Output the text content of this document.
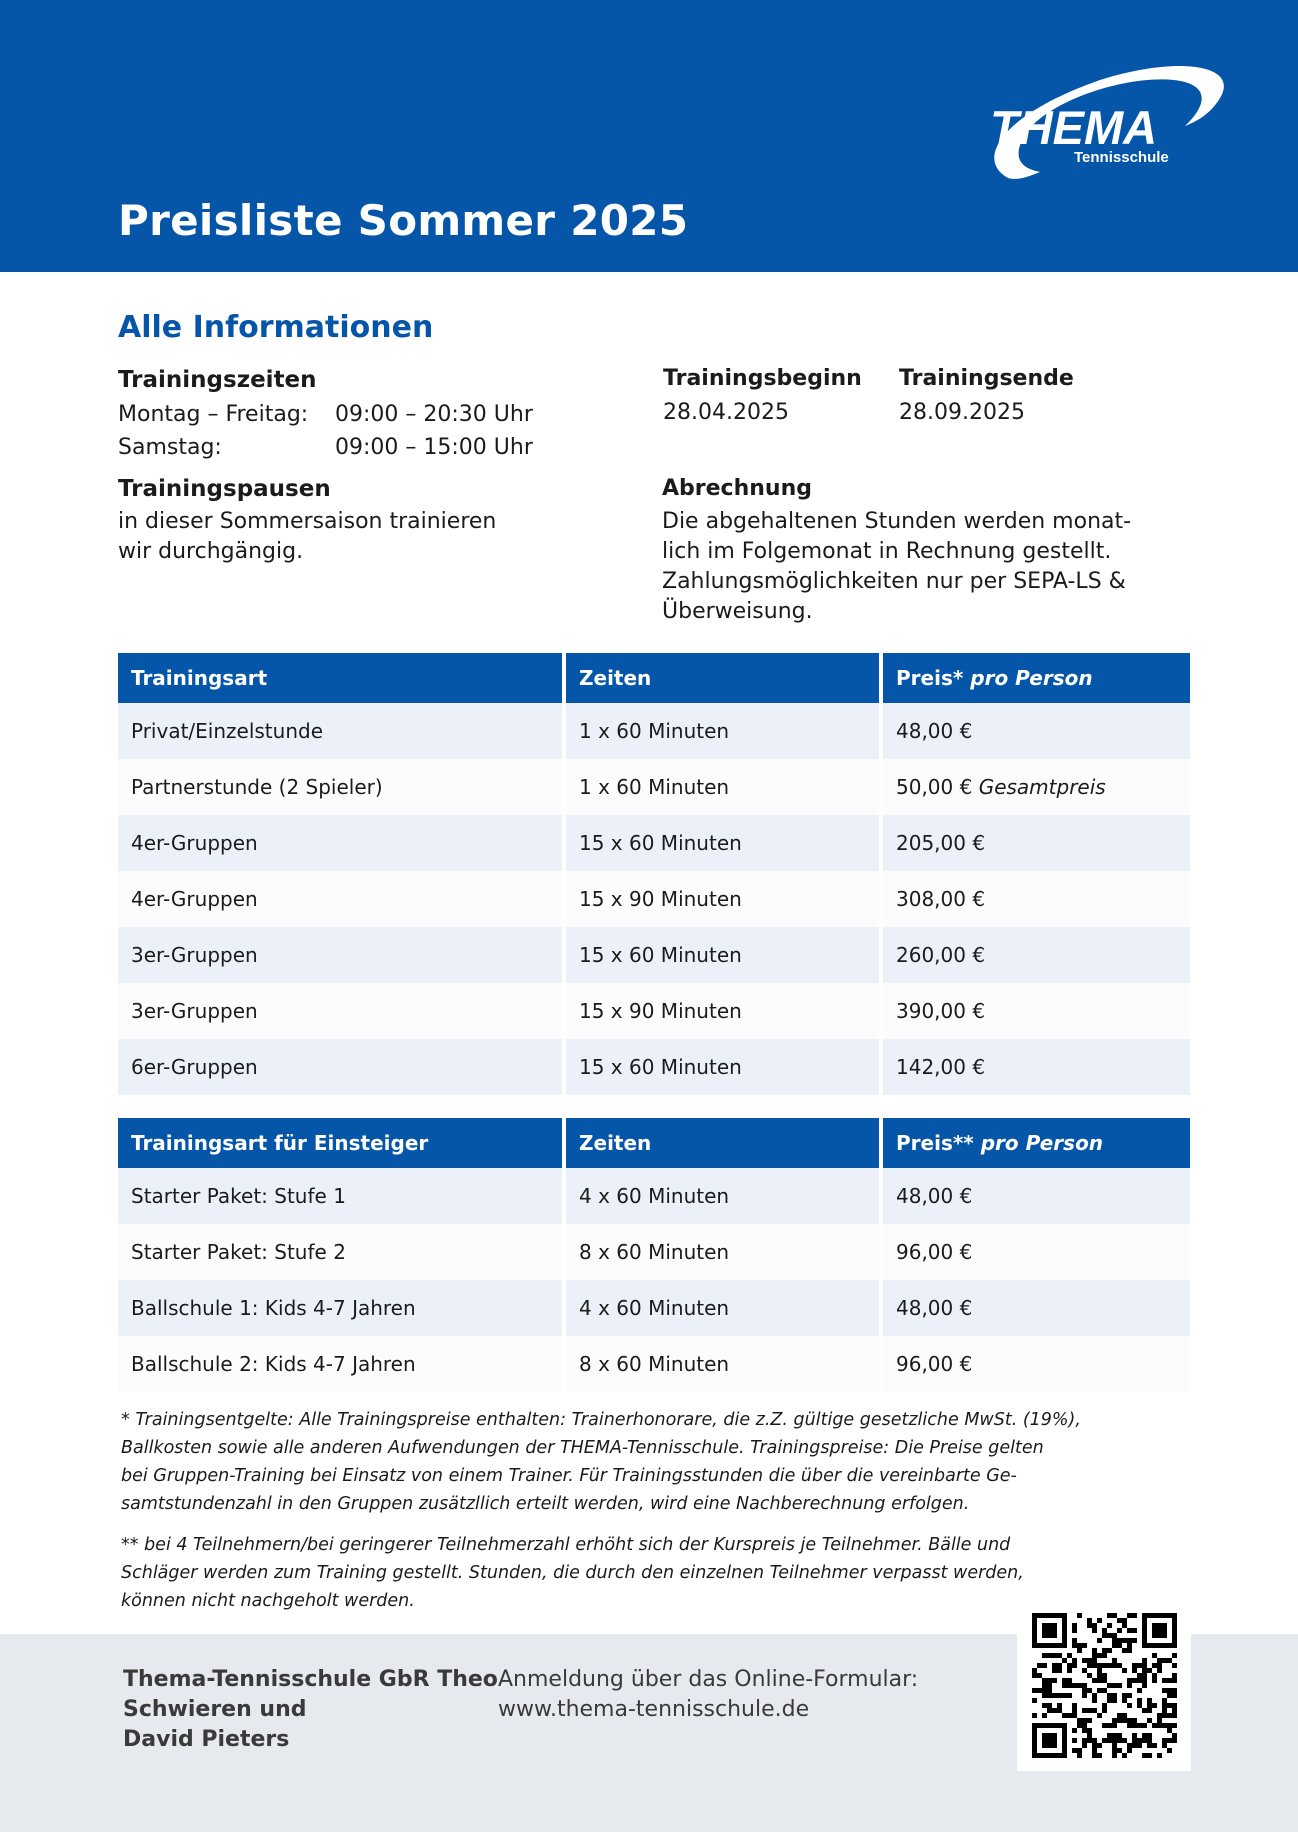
THEMA
Tennisschule
Preisliste Sommer 2025
Alle Informationen
Trainingszeiten
Montag – Freitag: 09:00 – 20:30 Uhr
Samstag:	09:00 – 15:00 Uhr
Trainingspausen
in dieser Sommersaison trainieren
wir durchgängig.
Trainingsbeginn
28.04.2025
Trainingsende
28.09.2025
Abrechnung
Die abgehaltenen Stunden werden monat-
lich im Folgemonat in Rechnung gestellt.
Zahlungsmöglichkeiten nur per SEPA-LS &
Überweisung.
Trainingsart	Zeiten	Preis*
pro Person
Privat/Einzelstunde	1 x 60 Minuten	48,00 €
Partnerstunde (2 Spieler)	1 x 60 Minuten	50,00 €
Gesamtpreis
4er-Gruppen	15 x 60 Minuten	205,00 €
4er-Gruppen	15 x 90 Minuten	308,00 €
3er-Gruppen	15 x 60 Minuten	260,00 €
3er-Gruppen	15 x 90 Minuten	390,00 €
6er-Gruppen	15 x 60 Minuten	142,00 €
Trainingsart für Einsteiger	Zeiten	Preis**
pro Person
Starter Paket: Stufe 1	4 x 60 Minuten	48,00 €
Starter Paket: Stufe 2	8 x 60 Minuten	96,00 €
Ballschule 1: Kids 4-7 Jahren	4 x 60 Minuten	48,00 €
Ballschule 2: Kids 4-7 Jahren	8 x 60 Minuten	96,00 €
* Trainingsentgelte: Alle Trainingspreise enthalten: Trainerhonorare, die z.Z. gültige gesetzliche MwSt. (19%),
Ballkosten sowie alle anderen Aufwendungen der THEMA-Tennisschule. Trainingspreise: Die Preise gelten
bei Gruppen-Training bei Einsatz von einem Trainer. Für Trainingsstunden die über die vereinbarte Ge-
samtstundenzahl in den Gruppen zusätzllich erteilt werden, wird eine Nachberechnung erfolgen.
** bei 4 Teilnehmern/bei geringerer Teilnehmerzahl erhöht sich der Kurspreis je Teilnehmer. Bälle und
Schläger werden zum Training gestellt. Stunden, die durch den einzelnen Teilnehmer verpasst werden,
können nicht nachgeholt werden.
Thema-Tennisschule GbR Theo
Schwieren und
David Pieters
Anmeldung über das Online-Formular:
www.thema-tennisschule.de
